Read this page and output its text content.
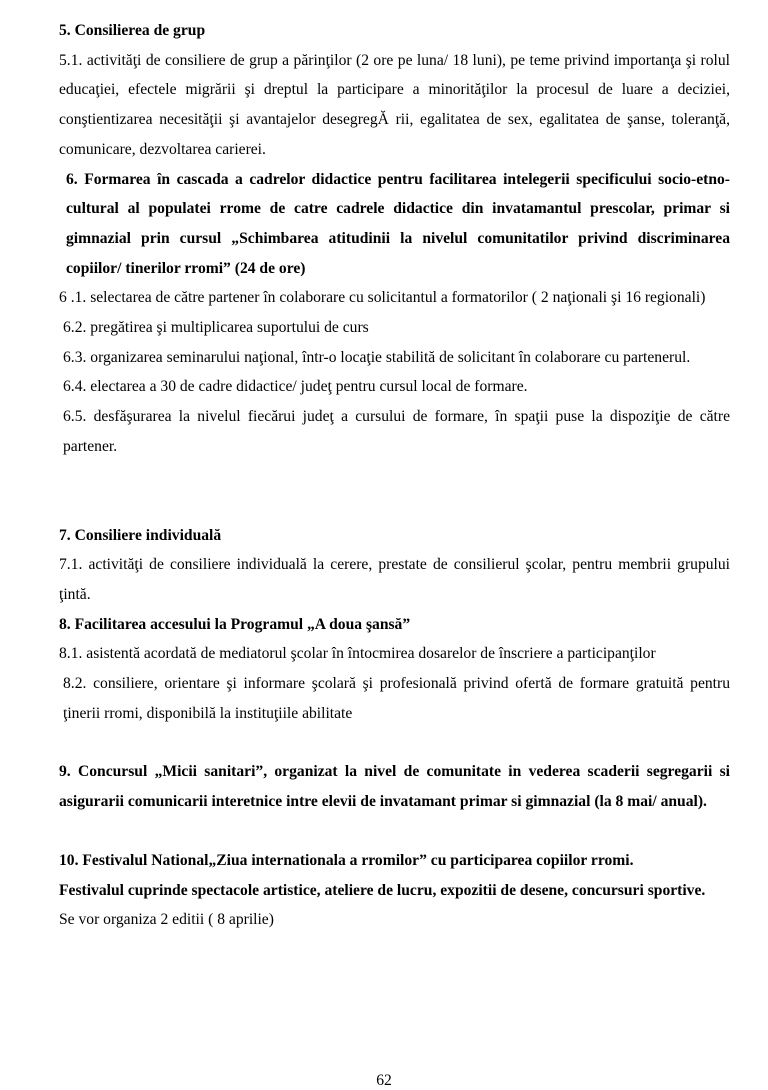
5. Consilierea de grup

5.1. activităţi de consiliere de grup a părinţilor (2 ore pe luna/ 18 luni), pe teme privind importanţa şi rolul educaţiei, efectele migrării şi dreptul la participare a minorităţilor la procesul de luare a deciziei, conştientizarea necesităţii şi avantajelor desegregĂ rii, egalitatea de sex, egalitatea de şanse, toleranţă, comunicare, dezvoltarea carierei.

6. Formarea în cascada a cadrelor didactice pentru facilitarea intelegerii specificului socio-etno-cultural al populatei rrome de catre cadrele didactice din invatamantul prescolar, primar si gimnazial prin cursul „Schimbarea atitudinii la nivelul comunitatilor privind discriminarea copiilor/ tinerilor rromi” (24 de ore)

6 .1. selectarea de către partener în colaborare cu solicitantul a formatorilor ( 2 naţionali şi 16 regionali)

6.2. pregătirea şi multiplicarea suportului de curs

6.3. organizarea seminarului naţional, într-o locaţie stabilită de solicitant în colaborare cu partenerul.

6.4. electarea a 30 de cadre didactice/ judeţ pentru cursul local de formare.

6.5. desfăşurarea la nivelul fiecărui judeţ a cursului de formare, în spaţii puse la dispoziţie de către partener.

7. Consiliere individuală

7.1. activităţi de consiliere individuală la cerere, prestate de consilierul şcolar, pentru membrii grupului ţintă.

8. Facilitarea accesului la Programul „A doua şansă”

8.1. asistentă acordată de mediatorul şcolar în întocmirea dosarelor de înscriere a participanţilor

8.2. consiliere, orientare şi informare şcolară şi profesională privind ofertă de formare gratuită pentru ţinerii rromi, disponibilă la instituţiile abilitate

9. Concursul „Micii sanitari”, organizat la nivel de comunitate in vederea scaderii segregarii si asigurarii comunicarii interetnice intre elevii de invatamant primar si gimnazial (la 8 mai/ anual).

10. Festivalul National„Ziua internationala a rromilor” cu participarea copiilor rromi.

Festivalul cuprinde spectacole artistice, ateliere de lucru, expozitii de desene, concursuri sportive.

Se vor organiza 2 editii ( 8 aprilie)

62
